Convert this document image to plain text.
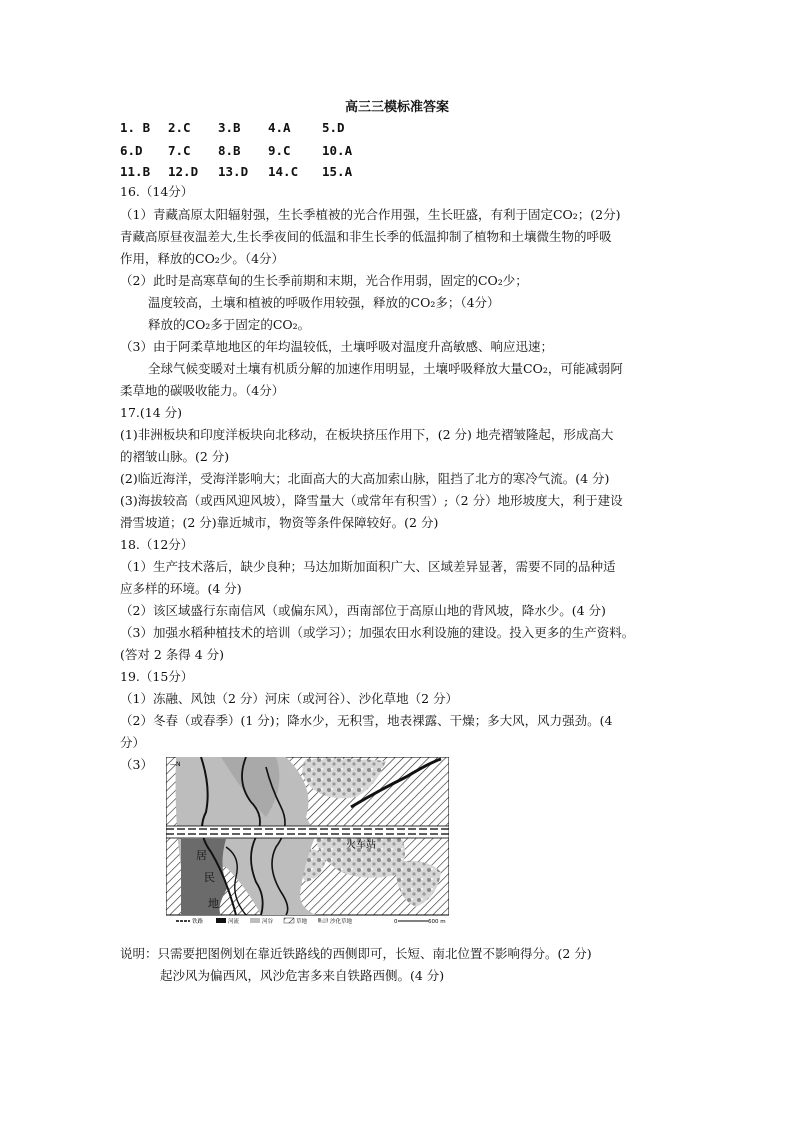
高三三模标准答案
1. B 2.C 3.B 4.A	5.D
6.D 7.C 8.B 9.C	10.A
11.B 12.D 13.D 14.C 15.A
16.（14分）
（1）青藏高原太阳辐射强，生长季植被的光合作用强，生长旺盛，有利于固定CO₂；(2分)
青藏高原昼夜温差大,生长季夜间的低温和非生长季的低温抑制了植物和土壤微生物的呼吸
作用，释放的CO₂少。（4分）
（2）此时是高寒草甸的生长季前期和末期，光合作用弱，固定的CO₂少；
温度较高，土壤和植被的呼吸作用较强，释放的CO₂多；（4分）
释放的CO₂多于固定的CO₂。
（3）由于阿柔草地地区的年均温较低，土壤呼吸对温度升高敏感、响应迅速；
全球气候变暖对土壤有机质分解的加速作用明显，土壤呼吸释放大量CO₂，可能减弱阿
柔草地的碳吸收能力。（4分）
17.(14 分)
(1)非洲板块和印度洋板块向北移动，在板块挤压作用下，(2 分) 地壳褶皱隆起，形成高大
的褶皱山脉。(2 分)
(2)临近海洋，受海洋影响大；北面高大的大高加索山脉，阻挡了北方的寒冷气流。(4 分)
(3)海拔较高（或西风迎风坡），降雪量大（或常年有积雪）;（2 分）地形坡度大，利于建设
滑雪坡道；(2 分)靠近城市，物资等条件保障较好。(2 分)
18.（12分）
（1）生产技术落后，缺少良种；马达加斯加面积广大、区域差异显著，需要不同的品种适
应多样的环境。(4 分)
（2）该区域盛行东南信风（或偏东风），西南部位于高原山地的背风坡，降水少。(4 分)
（3）加强水稻种植技术的培训（或学习）；加强农田水利设施的建设。投入更多的生产资料。
(答对 2 条得 4 分)
19.（15分）
（1）冻融、风蚀（2 分）河床（或河谷）、沙化草地（2 分）
（2）冬春（或春季）(1 分)；降水少，无积雪，地表裸露、干燥；多大风，风力强劲。(4
分）
（3）	—N
火车站
居
民
地
铁路	河流	河谷	草地	沙化草地	0	600 m
说明：只需要把图例划在靠近铁路线的西侧即可，长短、南北位置不影响得分。(2 分)
起沙风为偏西风，风沙危害多来自铁路西侧。(4 分)
